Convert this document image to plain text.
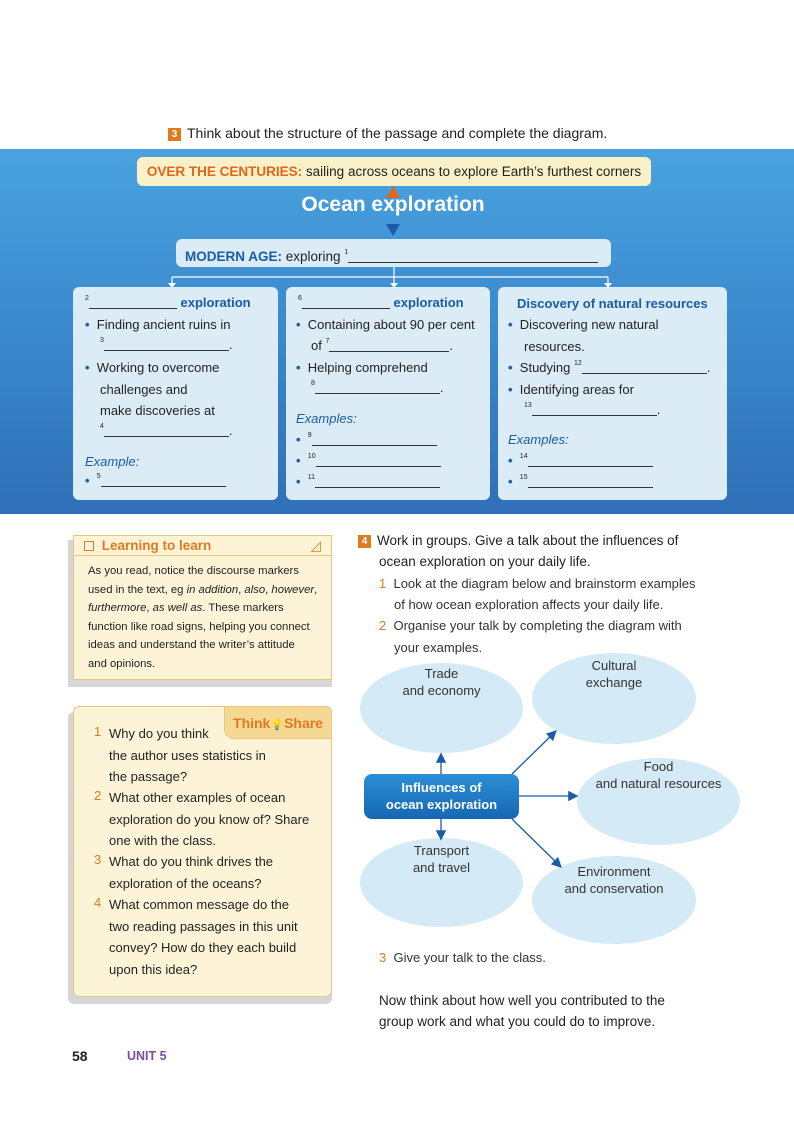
3 Think about the structure of the passage and complete the diagram.
OVER THE CENTURIES: sailing across oceans to explore Earth’s furthest corners
Ocean exploration
MODERN AGE: exploring $^1$
$^2$	exploration
• Finding ancient ruins in
$^3$	.
• Working to overcome
challenges and
make discoveries at
$^4$	.
Example:
• $^5$
$^6$	exploration
• Containing about 90 per cent
of $^7$	.
• Helping comprehend
$^8$	.
Examples:
• $^9$
• $^{10}$
• $^{11}$
Discovery of natural resources
• Discovering new natural
resources.
• Studying $^{12}$	.
• Identifying areas for
$^{13}$	.
Examples:
• $^{14}$
• $^{15}$
Learning to learn	◿
As you read, notice the discourse markers
used in the text, eg in addition, also, however,
furthermore, as well as. These markers
function like road signs, helping you connect
ideas and understand the writer’s attitude
and opinions.
Think💡Share
1 Why do you think
the author uses statistics in
the passage?
2 What other examples of ocean
exploration do you know of? Share
one with the class.
3 What do you think drives the
exploration of the oceans?
4 What common message do the
two reading passages in this unit
convey? How do they each build
upon this idea?
4 Work in groups. Give a talk about the influences of
ocean exploration on your daily life.
1 Look at the diagram below and brainstorm examples
of how ocean exploration affects your daily life.
2 Organise your talk by completing the diagram with
your examples.
Trade
and economy
Cultural
exchange
Food
and natural resources
Transport
and travel	Environment
and conservation
Influences of
ocean exploration
3 Give your talk to the class.
Now think about how well you contributed to the
group work and what you could do to improve.
58	UNIT 5
